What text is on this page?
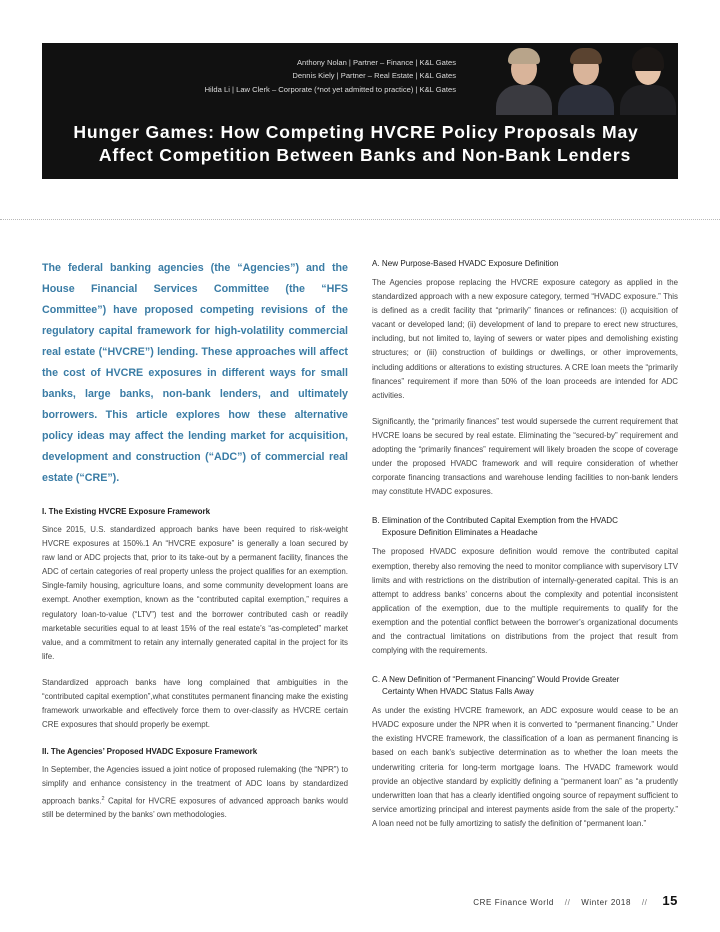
Anthony Nolan | Partner – Finance | K&L Gates
Dennis Kiely | Partner – Real Estate | K&L Gates
Hilda Li | Law Clerk – Corporate (*not yet admitted to practice) | K&L Gates
Hunger Games: How Competing HVCRE Policy Proposals May
Affect Competition Between Banks and Non-Bank Lenders

The federal banking agencies (the “Agencies”) and the House Financial Services Committee (the “HFS Committee”) have proposed competing revisions of the regulatory capital framework for high-volatility commercial real estate (“HVCRE”) lending. These approaches will affect the cost of HVCRE exposures in different ways for small banks, large banks, non-bank lenders, and ultimately borrowers. This article explores how these alternative policy ideas may affect the lending market for acquisition, development and construction (“ADC”) of commercial real estate (“CRE”).

I. The Existing HVCRE Exposure Framework

Since 2015, U.S. standardized approach banks have been required to risk-weight HVCRE exposures at 150%.1 An “HVCRE exposure” is generally a loan secured by raw land or ADC projects that, prior to its take-out by a permanent facility, finances the ADC of certain categories of real property unless the project qualifies for an exemption. Single-family housing, agriculture loans, and some community development loans are exempt. Another exemption, known as the “contributed capital exemption,” requires a regulatory loan-to-value (“LTV”) test and the borrower contributed cash or readily marketable securities equal to at least 15% of the real estate’s “as-completed” market value, and a commitment to retain any internally generated capital in the project for its life.

Standardized approach banks have long complained that ambiguities in the “contributed capital exemption”,what constitutes permanent financing make the existing framework unworkable and effectively force them to over-classify as HVCRE certain CRE exposures that should properly be exempt.

II. The Agencies’ Proposed HVADC Exposure Framework

In September, the Agencies issued a joint notice of proposed rulemaking (the “NPR”) to simplify and enhance consistency in the treatment of ADC loans by standardized approach banks.$^2$ Capital for HVCRE exposures of advanced approach banks would still be determined by the banks’ own methodologies.

A. New Purpose-Based HVADC Exposure Definition

The Agencies propose replacing the HVCRE exposure category as applied in the standardized approach with a new exposure category, termed “HVADC exposure.” This is defined as a credit facility that “primarily” finances or refinances: (i) acquisition of vacant or developed land; (ii) development of land to prepare to erect new structures, including, but not limited to, laying of sewers or water pipes and demolishing existing structures; or (iii) construction of buildings or dwellings, or other improvements, including additions or alterations to existing structures. A CRE loan meets the “primarily finances” requirement if more than 50% of the loan proceeds are intended for ADC activities.

Significantly, the “primarily finances” test would supersede the current requirement that HVCRE loans be secured by real estate. Eliminating the “secured-by” requirement and adopting the “primarily finances” requirement will likely broaden the scope of coverage under the proposed HVADC framework and will require consideration of whether corporate financing transactions and warehouse lending facilities to non-bank lenders may constitute HVADC exposures.

B. Elimination of the Contributed Capital Exemption from the HVADC
Exposure Definition Eliminates a Headache

The proposed HVADC exposure definition would remove the contributed capital exemption, thereby also removing the need to monitor compliance with supervisory LTV limits and with restrictions on the distribution of internally-generated capital. This is an attempt to address banks’ concerns about the complexity and potential inconsistent application of the exemption, due to the multiple requirements to qualify for the exemption and the potential conflict between the borrower’s organizational documents and the contractual limitations on distributions from the project that result from complying with the requirements.

C. A New Definition of “Permanent Financing” Would Provide Greater
Certainty When HVADC Status Falls Away

As under the existing HVCRE framework, an ADC exposure would cease to be an HVADC exposure under the NPR when it is converted to “permanent financing.” Under the existing HVCRE framework, the classification of a loan as permanent financing is based on each bank’s subjective determination as to whether the loan meets the underwriting criteria for long-term mortgage loans. The HVADC framework would provide an objective standard by explicitly defining a “permanent loan” as “a prudently underwritten loan that has a clearly identified ongoing source of repayment sufficient to service amortizing principal and interest payments aside from the sale of the property.” A loan need not be fully amortizing to satisfy the definition of “permanent loan.”

CRE Finance World // Winter 2018 // 15
